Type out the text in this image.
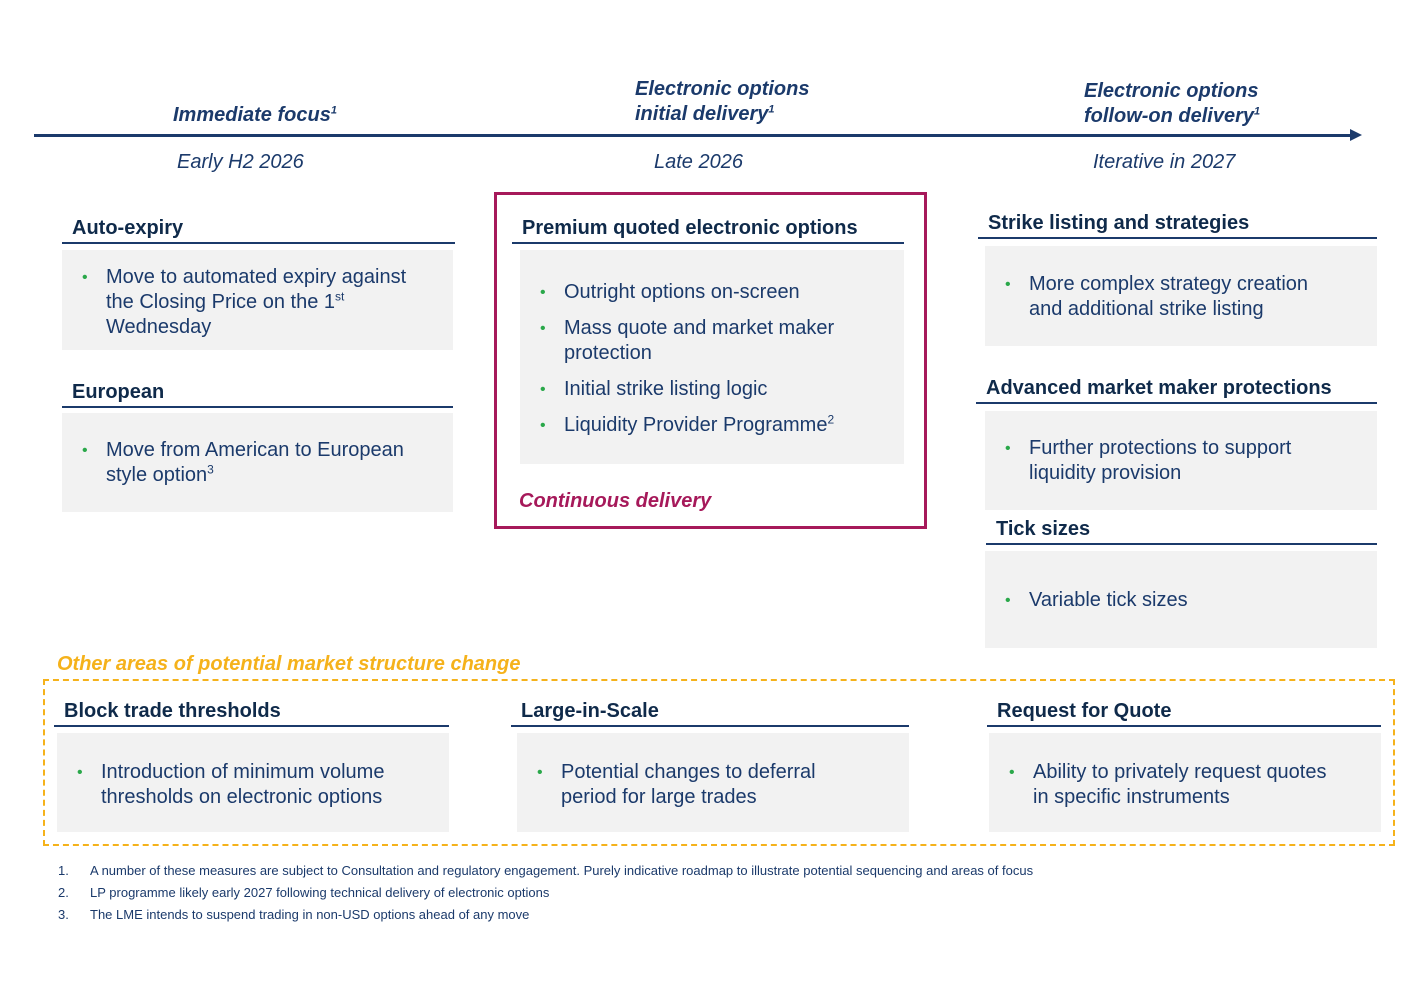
Immediate focus$^1$

Electronic options

initial delivery$^1$

Electronic options

follow-on delivery$^1$

Early H2 2026	Late 2026	Iterative in 2027

Auto-expiry
• Move to automated expiry against
the Closing Price on the 1st
Wednesday
European
• Move from American to European
style option$^3$
Premium quoted electronic options
• Outright options on-screen
• Mass quote and market maker
protection
• Initial strike listing logic
• Liquidity Provider Programme$^2$
Continuous delivery
Strike listing and strategies
• More complex strategy creation
and additional strike listing
Advanced market maker protections
• Further protections to support
liquidity provision
Tick sizes
• Variable tick sizes
Other areas of potential market structure change
Block trade thresholds
• Introduction of minimum volume
thresholds on electronic options
Large-in-Scale
• Potential changes to deferral
period for large trades
Request for Quote
• Ability to privately request quotes
in specific instruments
1.	A number of these measures are subject to Consultation and regulatory engagement. Purely indicative roadmap to illustrate potential sequencing and areas of focus
2.	LP programme likely early 2027 following technical delivery of electronic options
3.	The LME intends to suspend trading in non-USD options ahead of any move
